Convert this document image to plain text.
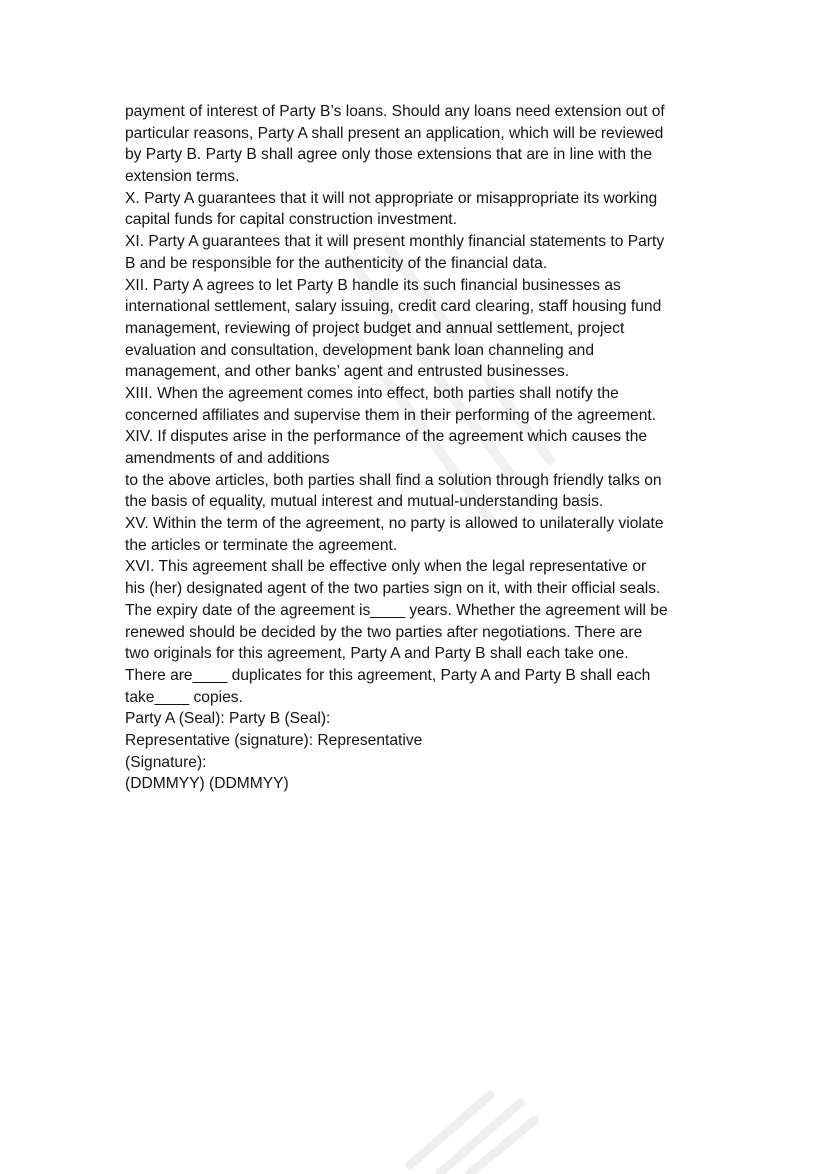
payment of interest of Party B’s loans. Should any loans need extension out of
particular reasons, Party A shall present an application, which will be reviewed
by Party B. Party B shall agree only those extensions that are in line with the
extension terms.
X. Party A guarantees that it will not appropriate or misappropriate its working
capital funds for capital construction investment.
XI. Party A guarantees that it will present monthly financial statements to Party
B and be responsible for the authenticity of the financial data.
XII. Party A agrees to let Party B handle its such financial businesses as
international settlement, salary issuing, credit card clearing, staff housing fund
management, reviewing of project budget and annual settlement, project
evaluation and consultation, development bank loan channeling and
management, and other banks’ agent and entrusted businesses.
XIII. When the agreement comes into effect, both parties shall notify the
concerned affiliates and supervise them in their performing of the agreement.
XIV. If disputes arise in the performance of the agreement which causes the
amendments of and additions
to the above articles, both parties shall find a solution through friendly talks on
the basis of equality, mutual interest and mutual-understanding basis.
XV. Within the term of the agreement, no party is allowed to unilaterally violate
the articles or terminate the agreement.
XVI. This agreement shall be effective only when the legal representative or
his (her) designated agent of the two parties sign on it, with their official seals.
The expiry date of the agreement is____ years. Whether the agreement will be
renewed should be decided by the two parties after negotiations. There are
two originals for this agreement, Party A and Party B shall each take one.
There are____ duplicates for this agreement, Party A and Party B shall each
take____ copies.
Party A (Seal): Party B (Seal):
Representative (signature): Representative
(Signature):
(DDMMYY) (DDMMYY)
